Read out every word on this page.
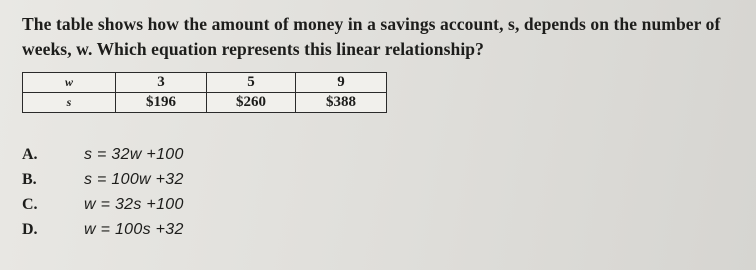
The table shows how the amount of money in a savings account, s, depends on the number of
weeks, w. Which equation represents this linear relationship?
w	3	5	9
s	$196	$260	$388
A.	s = 32w +100
B.	s = 100w +32
C.	w = 32s +100
D.	w = 100s +32
